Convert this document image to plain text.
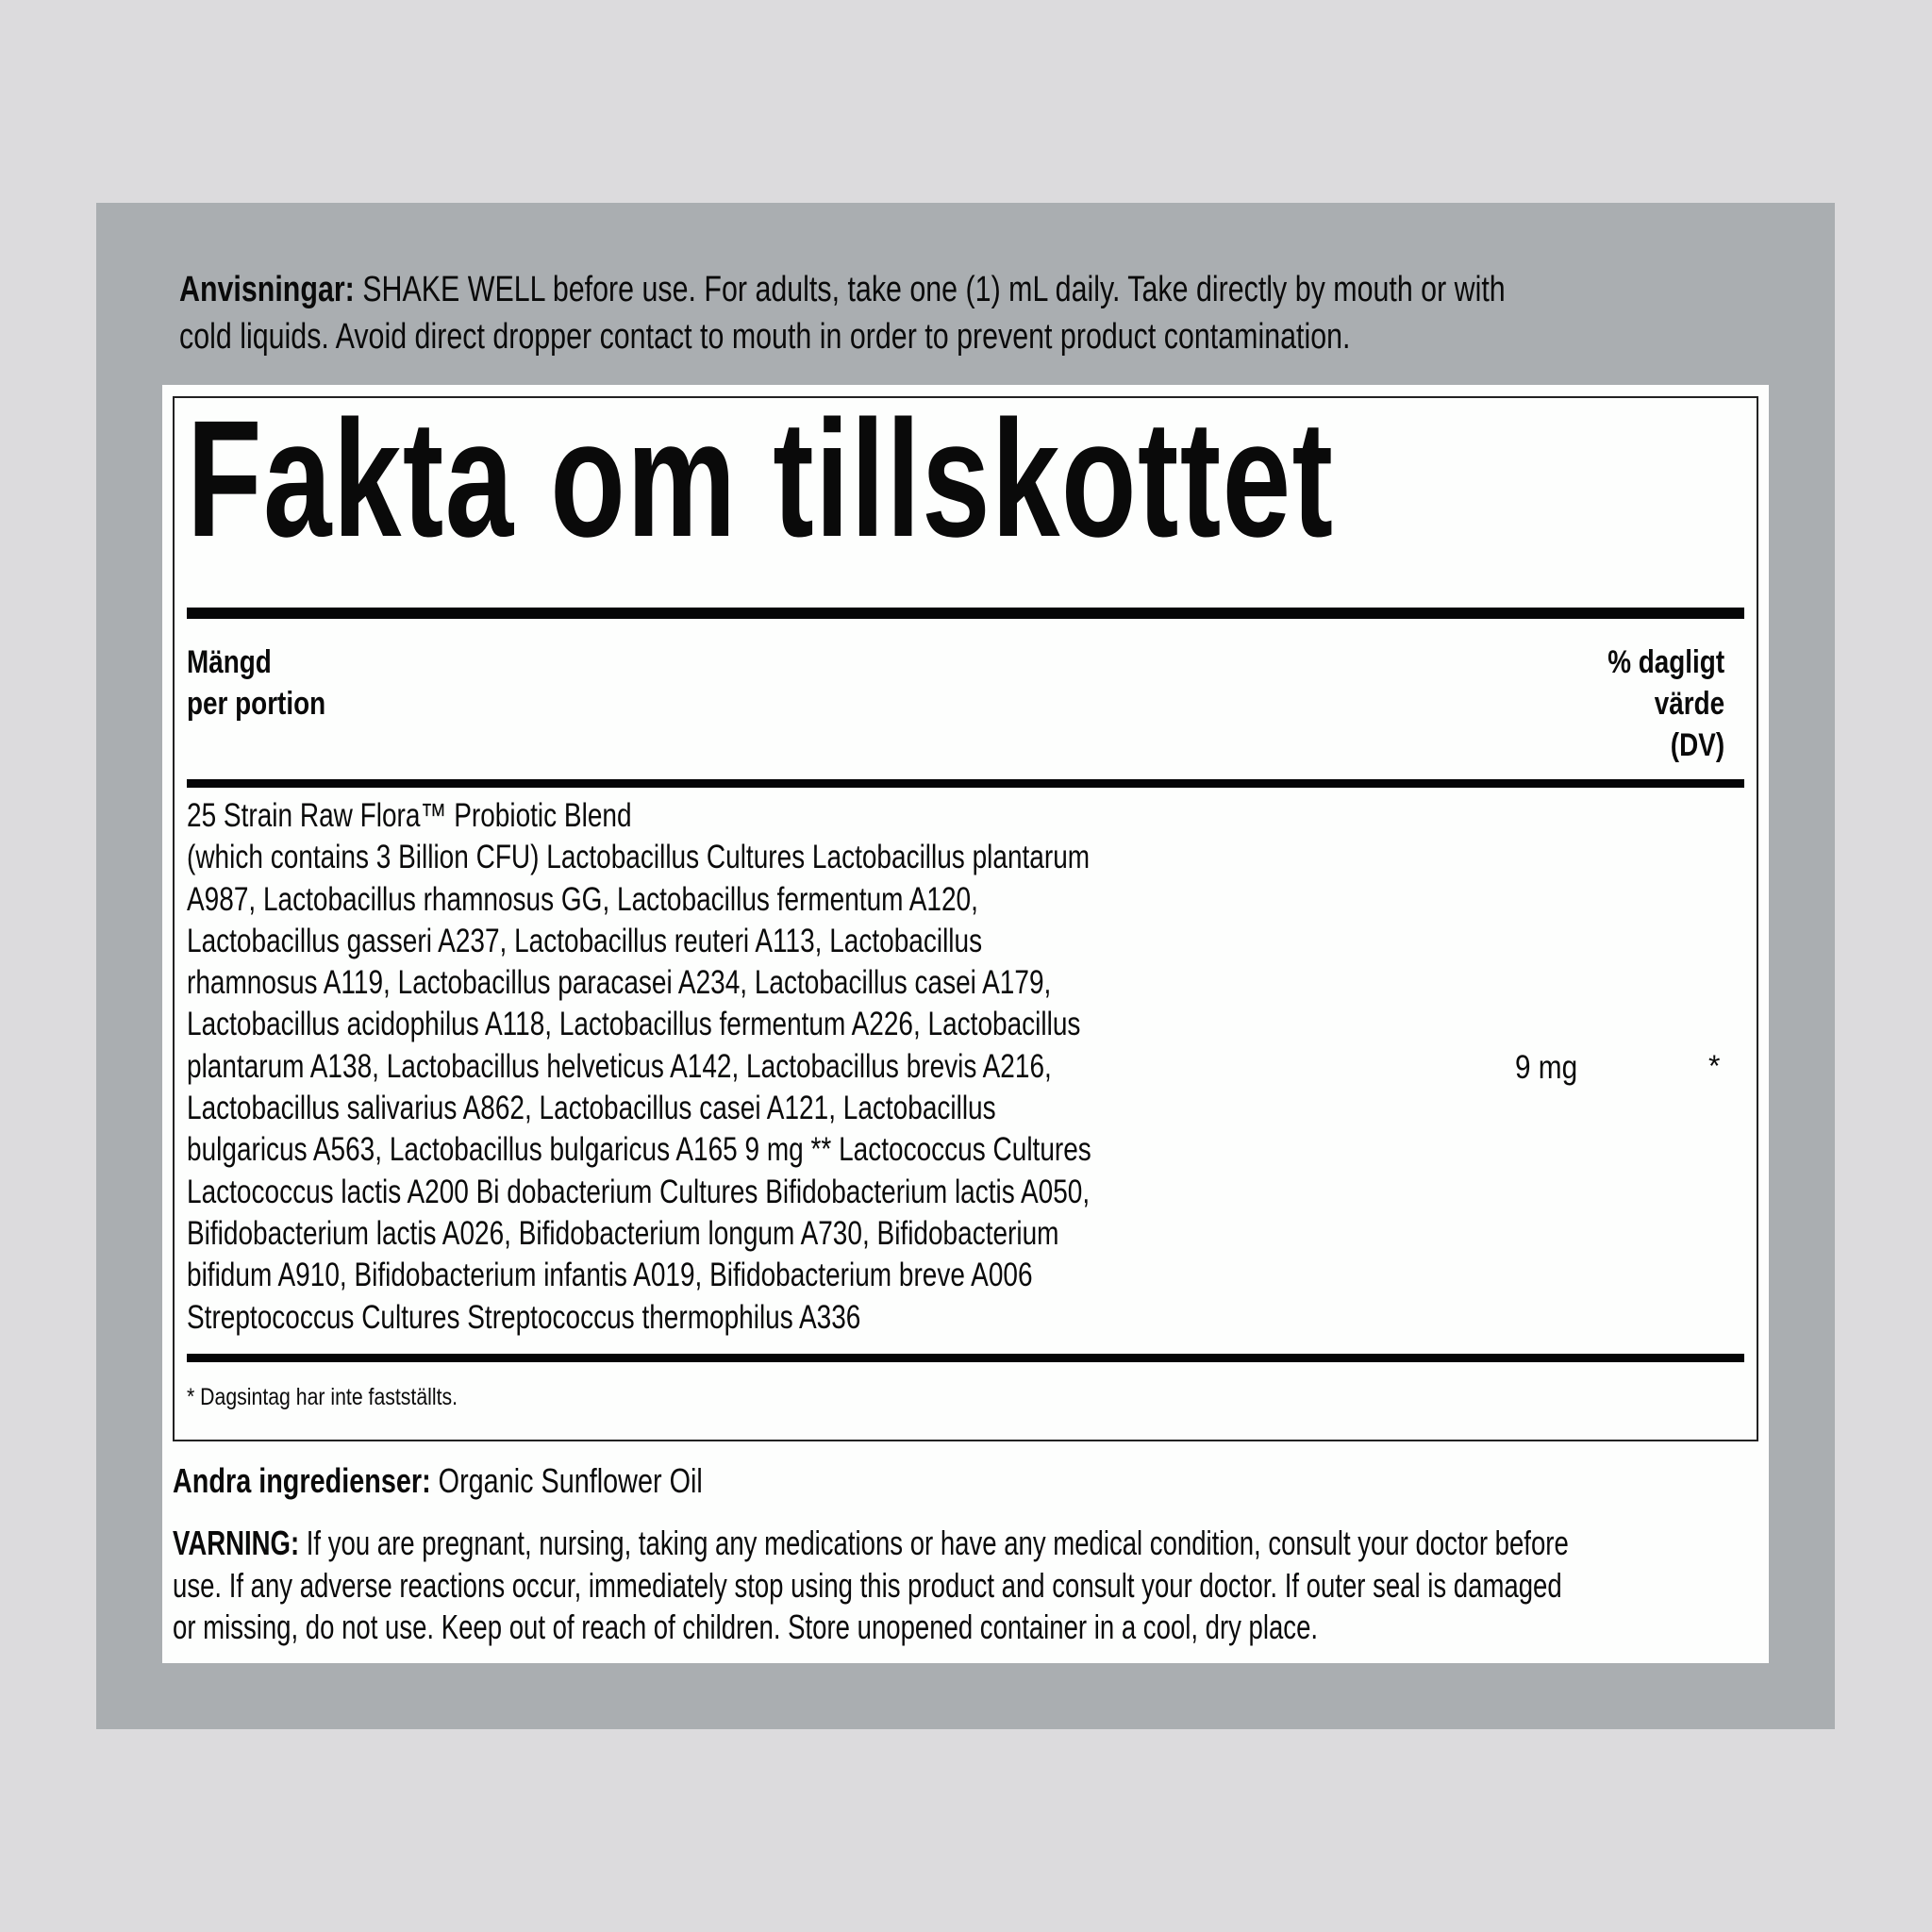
Anvisningar: SHAKE WELL before use. For adults, take one (1) mL daily. Take directly by mouth or with
cold liquids. Avoid direct dropper contact to mouth in order to prevent product contamination.
Fakta om tillskottet
Mängd
per portion
% dagligt
värde
(DV)
25 Strain Raw Flora™ Probiotic Blend
(which contains 3 Billion CFU) Lactobacillus Cultures Lactobacillus plantarum
A987, Lactobacillus rhamnosus GG, Lactobacillus fermentum A120,
Lactobacillus gasseri A237, Lactobacillus reuteri A113, Lactobacillus
rhamnosus A119, Lactobacillus paracasei A234, Lactobacillus casei A179,
Lactobacillus acidophilus A118, Lactobacillus fermentum A226, Lactobacillus
plantarum A138, Lactobacillus helveticus A142, Lactobacillus brevis A216,
Lactobacillus salivarius A862, Lactobacillus casei A121, Lactobacillus
bulgaricus A563, Lactobacillus bulgaricus A165 9 mg ** Lactococcus Cultures
Lactococcus lactis A200 Bi dobacterium Cultures Bifidobacterium lactis A050,
Bifidobacterium lactis A026, Bifidobacterium longum A730, Bifidobacterium
bifidum A910, Bifidobacterium infantis A019, Bifidobacterium breve A006
Streptococcus Cultures Streptococcus thermophilus A336
9 mg	*
* Dagsintag har inte fastställts.
Andra ingredienser: Organic Sunflower Oil
VARNING: If you are pregnant, nursing, taking any medications or have any medical condition, consult your doctor before
use. If any adverse reactions occur, immediately stop using this product and consult your doctor. If outer seal is damaged
or missing, do not use. Keep out of reach of children. Store unopened container in a cool, dry place.
